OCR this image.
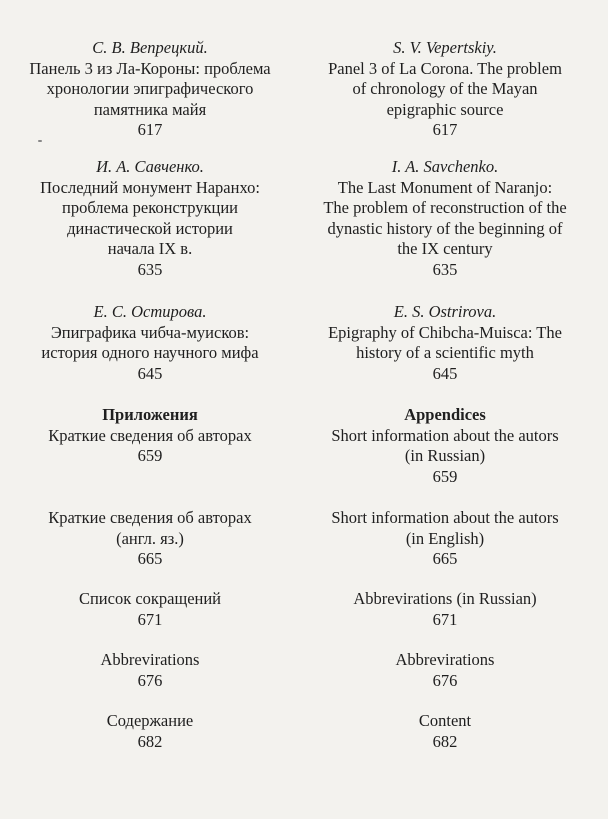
С. В. Вепрецкий.
Панель 3 из Ла-Короны: проблема
хронологии эпиграфического
памятника майя
617
И. А. Савченко.
Последний монумент Наранхо:
проблема реконструкции
династической истории
начала IX в.
635
Е. С. Остирова.
Эпиграфика чибча-муисков:
история одного научного мифа
645
Приложения
Краткие сведения об авторах
659
Краткие сведения об авторах
(англ. яз.)
665
Список сокращений
671
Abbrevirations
676
Содержание
682
S. V. Vepertskiy.
Panel 3 of La Corona. The problem
of chronology of the Mayan
epigraphic source
617
I. A. Savchenko.
The Last Monument of Naranjo:
The problem of reconstruction of the
dynastic history of the beginning of
the IX century
635
E. S. Ostrirova.
Epigraphy of Chibcha-Muisca: The
history of a scientific myth
645
Appendices
Short information about the autors
(in Russian)
659
Short information about the autors
(in English)
665
Abbrevirations (in Russian)
671
Abbrevirations
676
Content
682
